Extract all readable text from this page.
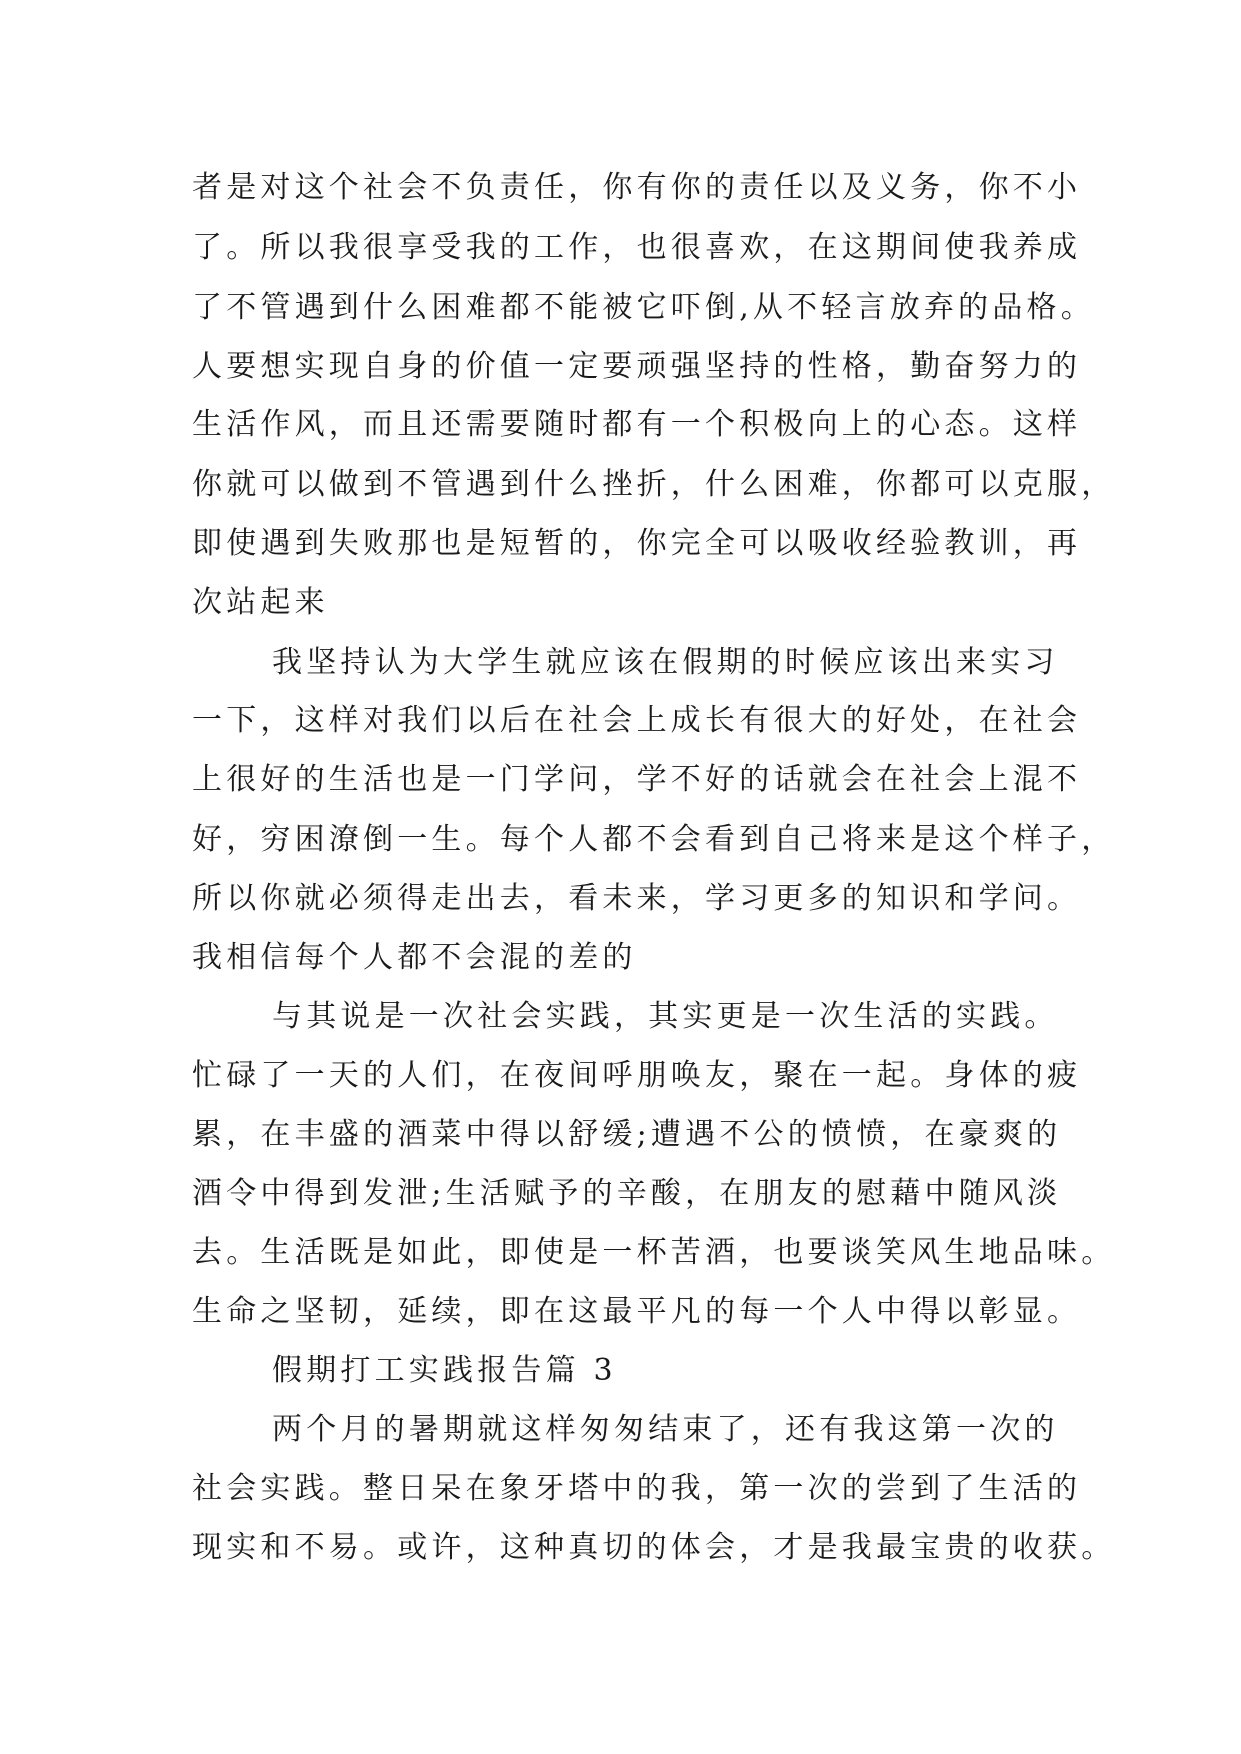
者是对这个社会不负责任，你有你的责任以及义务，你不小
了。所以我很享受我的工作，也很喜欢，在这期间使我养成
了不管遇到什么困难都不能被它吓倒,从不轻言放弃的品格。
人要想实现自身的价值一定要顽强坚持的性格，勤奋努力的
生活作风，而且还需要随时都有一个积极向上的心态。这样
你就可以做到不管遇到什么挫折，什么困难，你都可以克服，
即使遇到失败那也是短暂的，你完全可以吸收经验教训，再
次站起来
我坚持认为大学生就应该在假期的时候应该出来实习
一下，这样对我们以后在社会上成长有很大的好处，在社会
上很好的生活也是一门学问，学不好的话就会在社会上混不
好，穷困潦倒一生。每个人都不会看到自己将来是这个样子，
所以你就必须得走出去，看未来，学习更多的知识和学问。
我相信每个人都不会混的差的
与其说是一次社会实践，其实更是一次生活的实践。
忙碌了一天的人们，在夜间呼朋唤友，聚在一起。身体的疲
累，在丰盛的酒菜中得以舒缓;遭遇不公的愤愤，在豪爽的
酒令中得到发泄;生活赋予的辛酸，在朋友的慰藉中随风淡
去。生活既是如此，即使是一杯苦酒，也要谈笑风生地品味。
生命之坚韧，延续，即在这最平凡的每一个人中得以彰显。
假期打工实践报告篇 3
两个月的暑期就这样匆匆结束了，还有我这第一次的
社会实践。整日呆在象牙塔中的我，第一次的尝到了生活的
现实和不易。或许，这种真切的体会，才是我最宝贵的收获。
